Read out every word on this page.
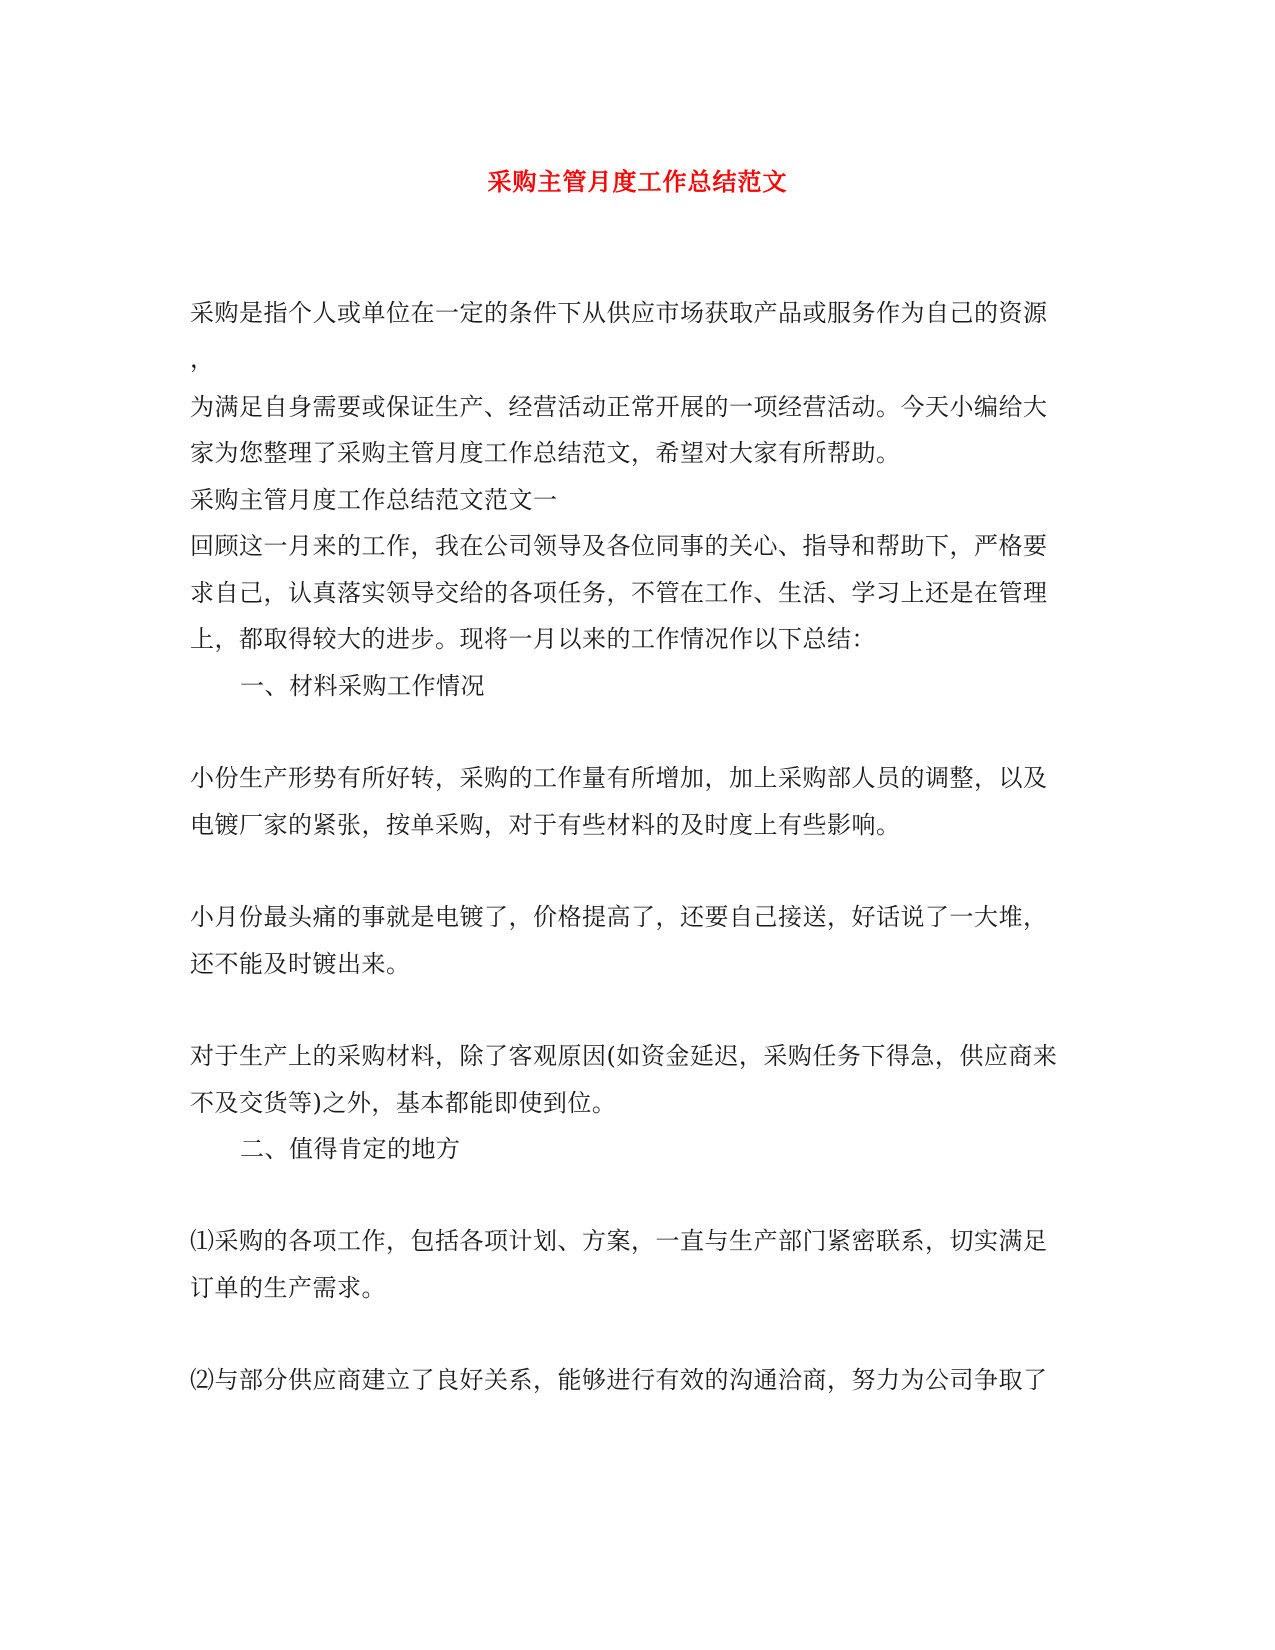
采购主管月度工作总结范文
采购是指个人或单位在一定的条件下从供应市场获取产品或服务作为自己的资源
，
为满足自身需要或保证生产、经营活动正常开展的一项经营活动。今天小编给大
家为您整理了采购主管月度工作总结范文，希望对大家有所帮助。
采购主管月度工作总结范文范文一
回顾这一月来的工作，我在公司领导及各位同事的关心、指导和帮助下，严格要
求自己，认真落实领导交给的各项任务，不管在工作、生活、学习上还是在管理
上，都取得较大的进步。现将一月以来的工作情况作以下总结：
一、材料采购工作情况
小份生产形势有所好转，采购的工作量有所增加，加上采购部人员的调整，以及
电镀厂家的紧张，按单采购，对于有些材料的及时度上有些影响。
小月份最头痛的事就是电镀了，价格提高了，还要自己接送，好话说了一大堆，
还不能及时镀出来。
对于生产上的采购材料，除了客观原因(如资金延迟，采购任务下得急，供应商来
不及交货等)之外，基本都能即使到位。
二、值得肯定的地方
⑴采购的各项工作，包括各项计划、方案，一直与生产部门紧密联系，切实满足
订单的生产需求。
⑵与部分供应商建立了良好关系，能够进行有效的沟通洽商，努力为公司争取了
